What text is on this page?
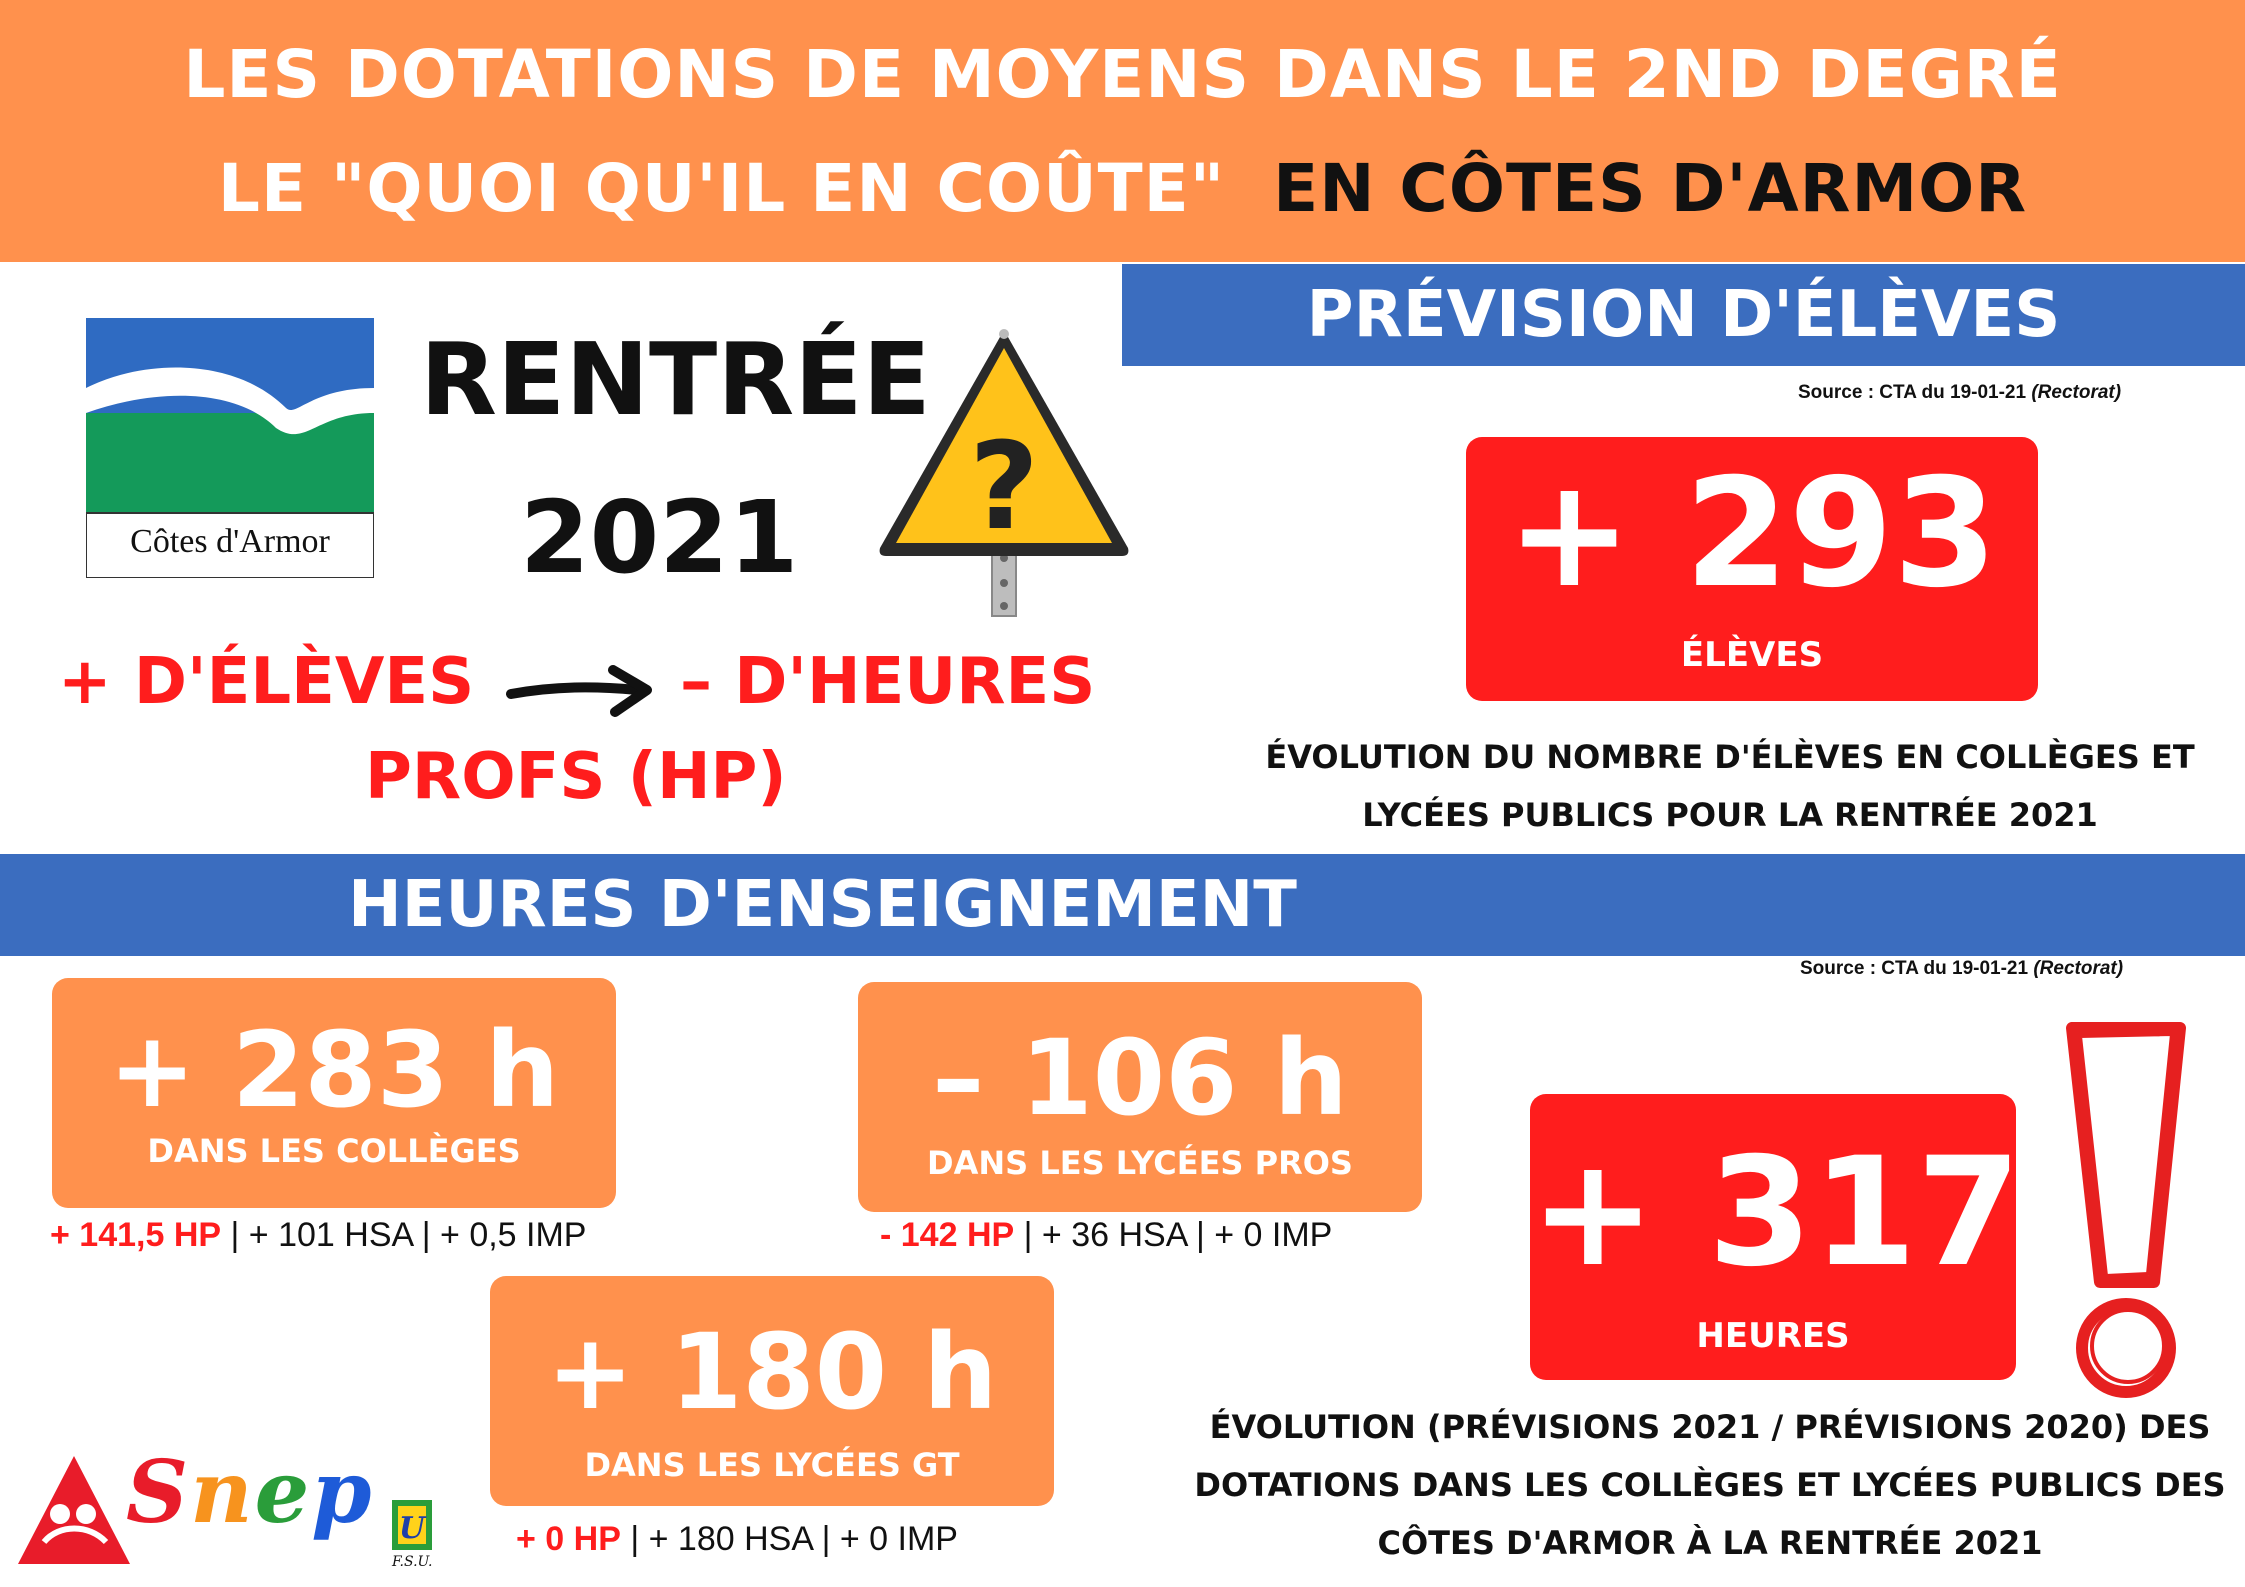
LES DOTATIONS DE MOYENS DANS LE 2ND DEGRÉ
LE "QUOI QU'IL EN COÛTE" EN CÔTES D'ARMOR
Côtes d'Armor
RENTRÉE
2021 ?
+ D'ÉLÈVES	– D'HEURES
PROFS (HP)
PRÉVISION D'ÉLÈVES
Source : CTA du 19-01-21 (Rectorat)
+ 293
ÉLÈVES
ÉVOLUTION DU NOMBRE D'ÉLÈVES EN COLLÈGES ET
LYCÉES PUBLICS POUR LA RENTRÉE 2021
HEURES D'ENSEIGNEMENT
Source : CTA du 19-01-21 (Rectorat)
+ 283 h
DANS LES COLLÈGES
+ 141,5 HP | + 101 HSA | + 0,5 IMP
– 106 h
DANS LES LYCÉES PROS
- 142 HP | + 36 HSA | + 0 IMP
+ 180 h
DANS LES LYCÉES GT
+ 0 HP | + 180 HSA | + 0 IMP
+ 317
HEURES
ÉVOLUTION (PRÉVISIONS 2021 / PRÉVISIONS 2020) DES
DOTATIONS DANS LES COLLÈGES ET LYCÉES PUBLICS DES
CÔTES D'ARMOR À LA RENTRÉE 2021
Snep U
F.S.U.
